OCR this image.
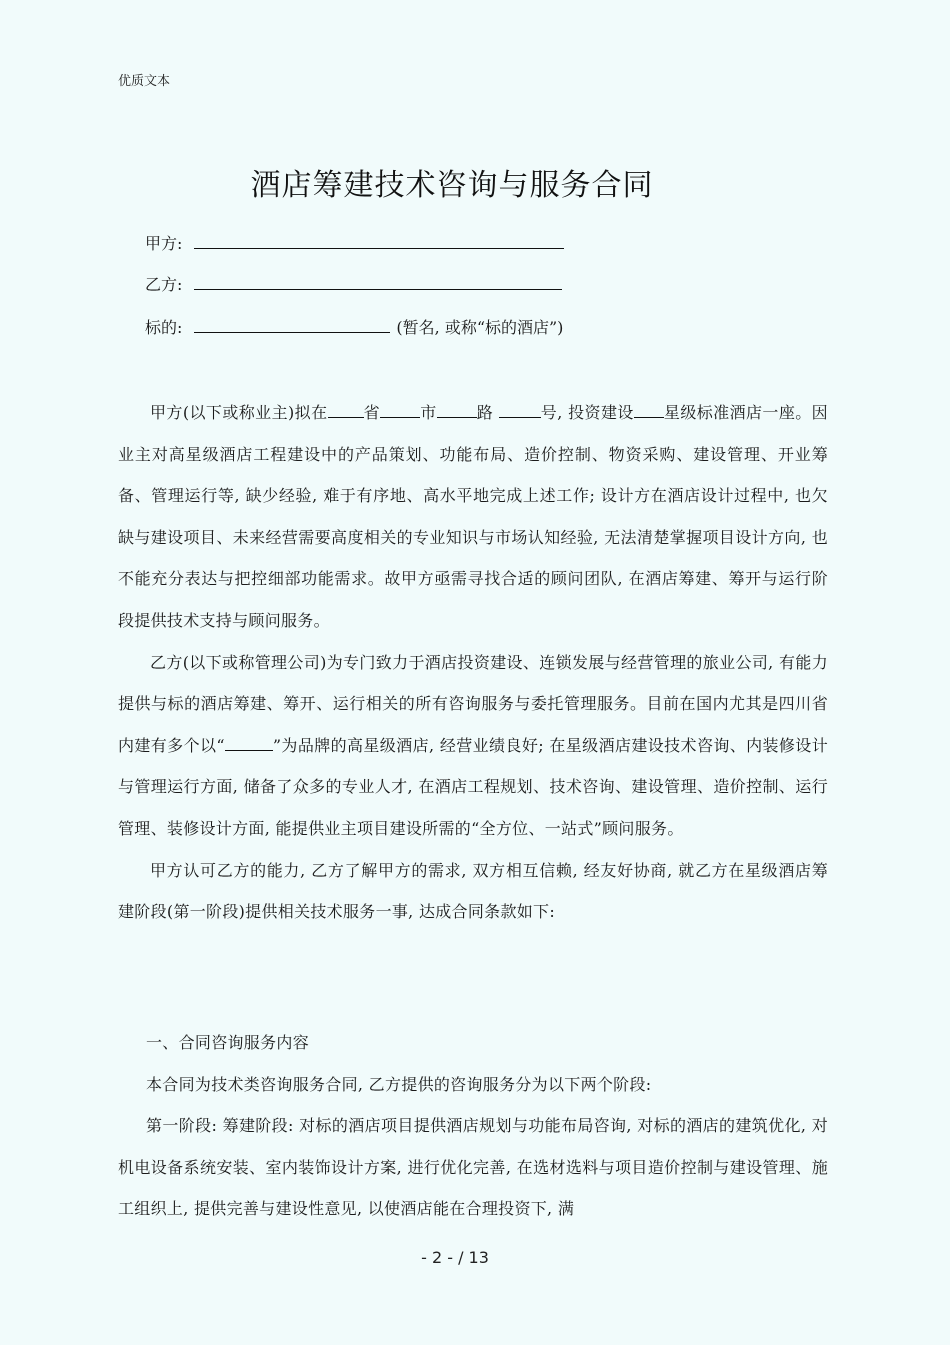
优质文本
酒店筹建技术咨询与服务合同
甲方:
乙方:
标的:	(暂名, 或称“标的酒店”)

甲方(以下或称业主)拟在 省	市	路	号, 投资建设 星级标准酒店一座。因业主对高星级酒店工程建设中的产品策划、功能布局、造价控制、物资采购、建设管理、开业筹备、管理运行等, 缺少经验, 难于有序地、高水平地完成上述工作; 设计方在酒店设计过程中, 也欠缺与建设项目、未来经营需要高度相关的专业知识与市场认知经验, 无法清楚掌握项目设计方向, 也不能充分表达与把控细部功能需求。故甲方亟需寻找合适的顾问团队, 在酒店筹建、筹开与运行阶段提供技术支持与顾问服务。

乙方(以下或称管理公司)为专门致力于酒店投资建设、连锁发展与经营管理的旅业公司, 有能力提供与标的酒店筹建、筹开、运行相关的所有咨询服务与委托管理服务。目前在国内尤其是四川省内建有多个以“	”为品牌的高星级酒店, 经营业绩良好; 在星级酒店建设技术咨询、内装修设计与管理运行方面, 储备了众多的专业人才, 在酒店工程规划、技术咨询、建设管理、造价控制、运行管理、装修设计方面, 能提供业主项目建设所需的“全方位、一站式”顾问服务。

甲方认可乙方的能力, 乙方了解甲方的需求, 双方相互信赖, 经友好协商, 就乙方在星级酒店筹建阶段(第一阶段)提供相关技术服务一事, 达成合同条款如下:

一、合同咨询服务内容

本合同为技术类咨询服务合同, 乙方提供的咨询服务分为以下两个阶段:

第一阶段: 筹建阶段: 对标的酒店项目提供酒店规划与功能布局咨询, 对标的酒店的建筑优化, 对机电设备系统安装、室内装饰设计方案, 进行优化完善, 在选材选料与项目造价控制与建设管理、施工组织上, 提供完善与建设性意见, 以使酒店能在合理投资下, 满

- 2 - / 13
